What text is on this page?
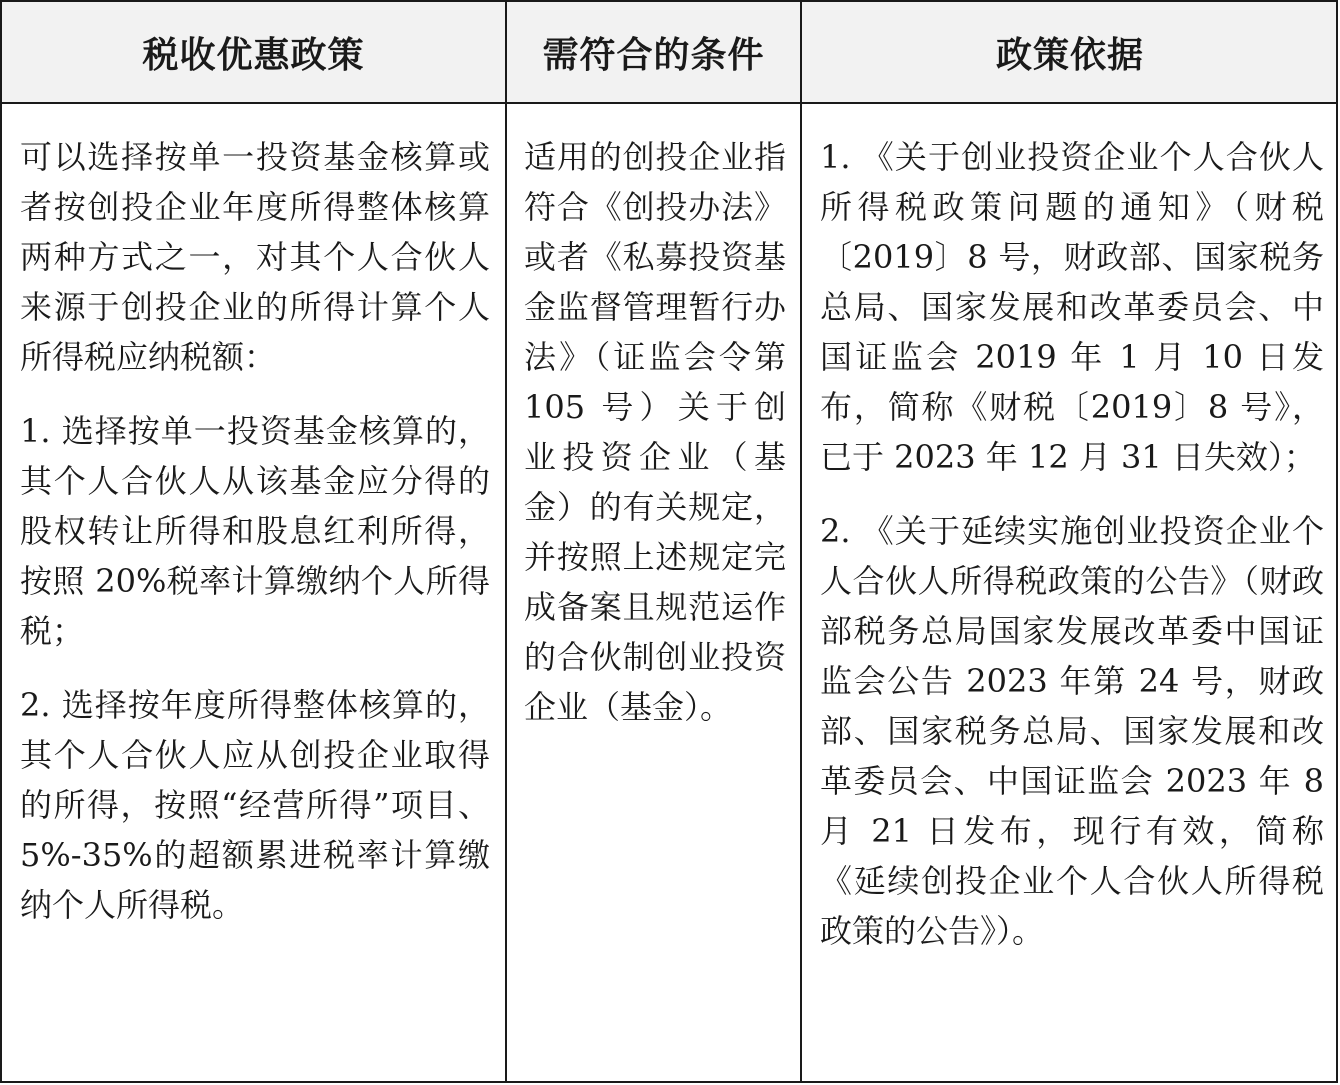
税收优惠政策	需符合的条件	政策依据

可以选择按单一投资基金核算或者按创投企业年度所得整体核算两种方式之一，对其个人合伙人来源于创投企业的所得计算个人所得税应纳税额：

1. 选择按单一投资基金核算的，其个人合伙人从该基金应分得的股权转让所得和股息红利所得，按照 20%税率计算缴纳个人所得税；

2. 选择按年度所得整体核算的，其个人合伙人应从创投企业取得的所得，按照“经营所得”项目、5%-35%的超额累进税率计算缴纳个人所得税。

适用的创投企业指符合《创投办法》或者《私募投资基金监督管理暂行办法》（证监会令第 105 号）关于创业投资企业（基金）的有关规定，并按照上述规定完成备案且规范运作的合伙制创业投资企业（基金）。

1. 《关于创业投资企业个人合伙人所得税政策问题的通知》（财税〔2019〕8 号，财政部、国家税务总局、国家发展和改革委员会、中国证监会 2019 年 1 月 10 日发布，简称《财税〔2019〕8 号》，已于 2023 年 12 月 31 日失效）；

2. 《关于延续实施创业投资企业个人合伙人所得税政策的公告》（财政部税务总局国家发展改革委中国证监会公告 2023 年第 24 号，财政部、国家税务总局、国家发展和改革委员会、中国证监会 2023 年 8 月 21 日发布，现行有效，简称《延续创投企业个人合伙人所得税政策的公告》）。
